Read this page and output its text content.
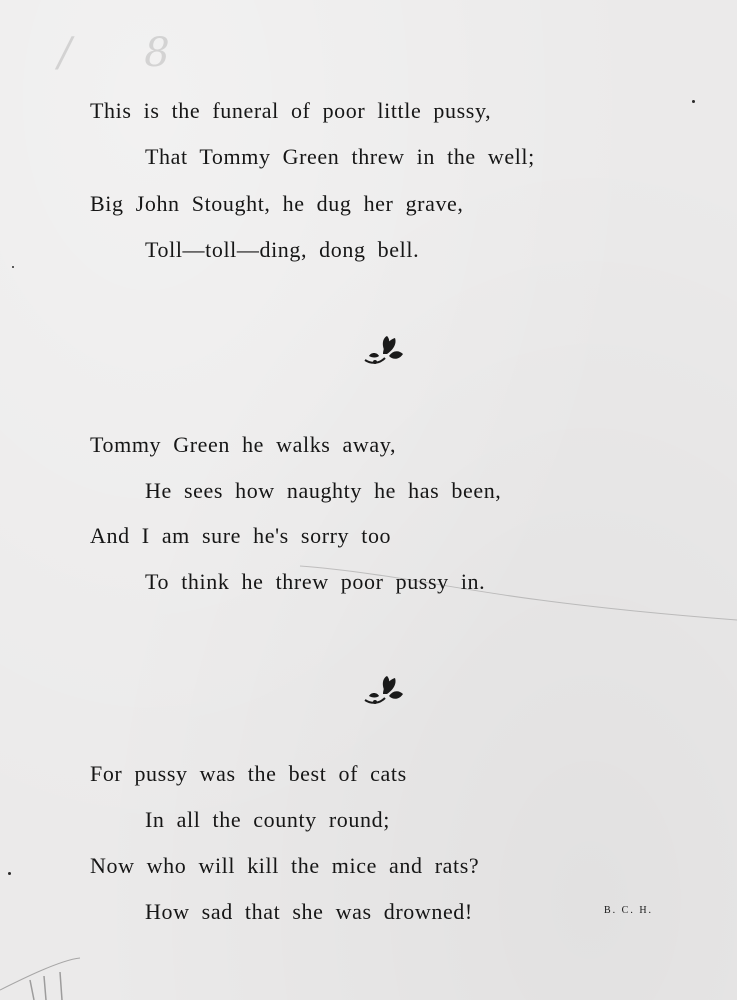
/ 8
This is the funeral of poor little pussy,
That Tommy Green threw in the well;
Big John Stought, he dug her grave,
Toll—toll—ding, dong bell.
Tommy Green he walks away,
He sees how naughty he has been,
And I am sure he's sorry too
To think he threw poor pussy in.
For pussy was the best of cats
In all the county round;
Now who will kill the mice and rats?
How sad that she was drowned!	B. C. H.
